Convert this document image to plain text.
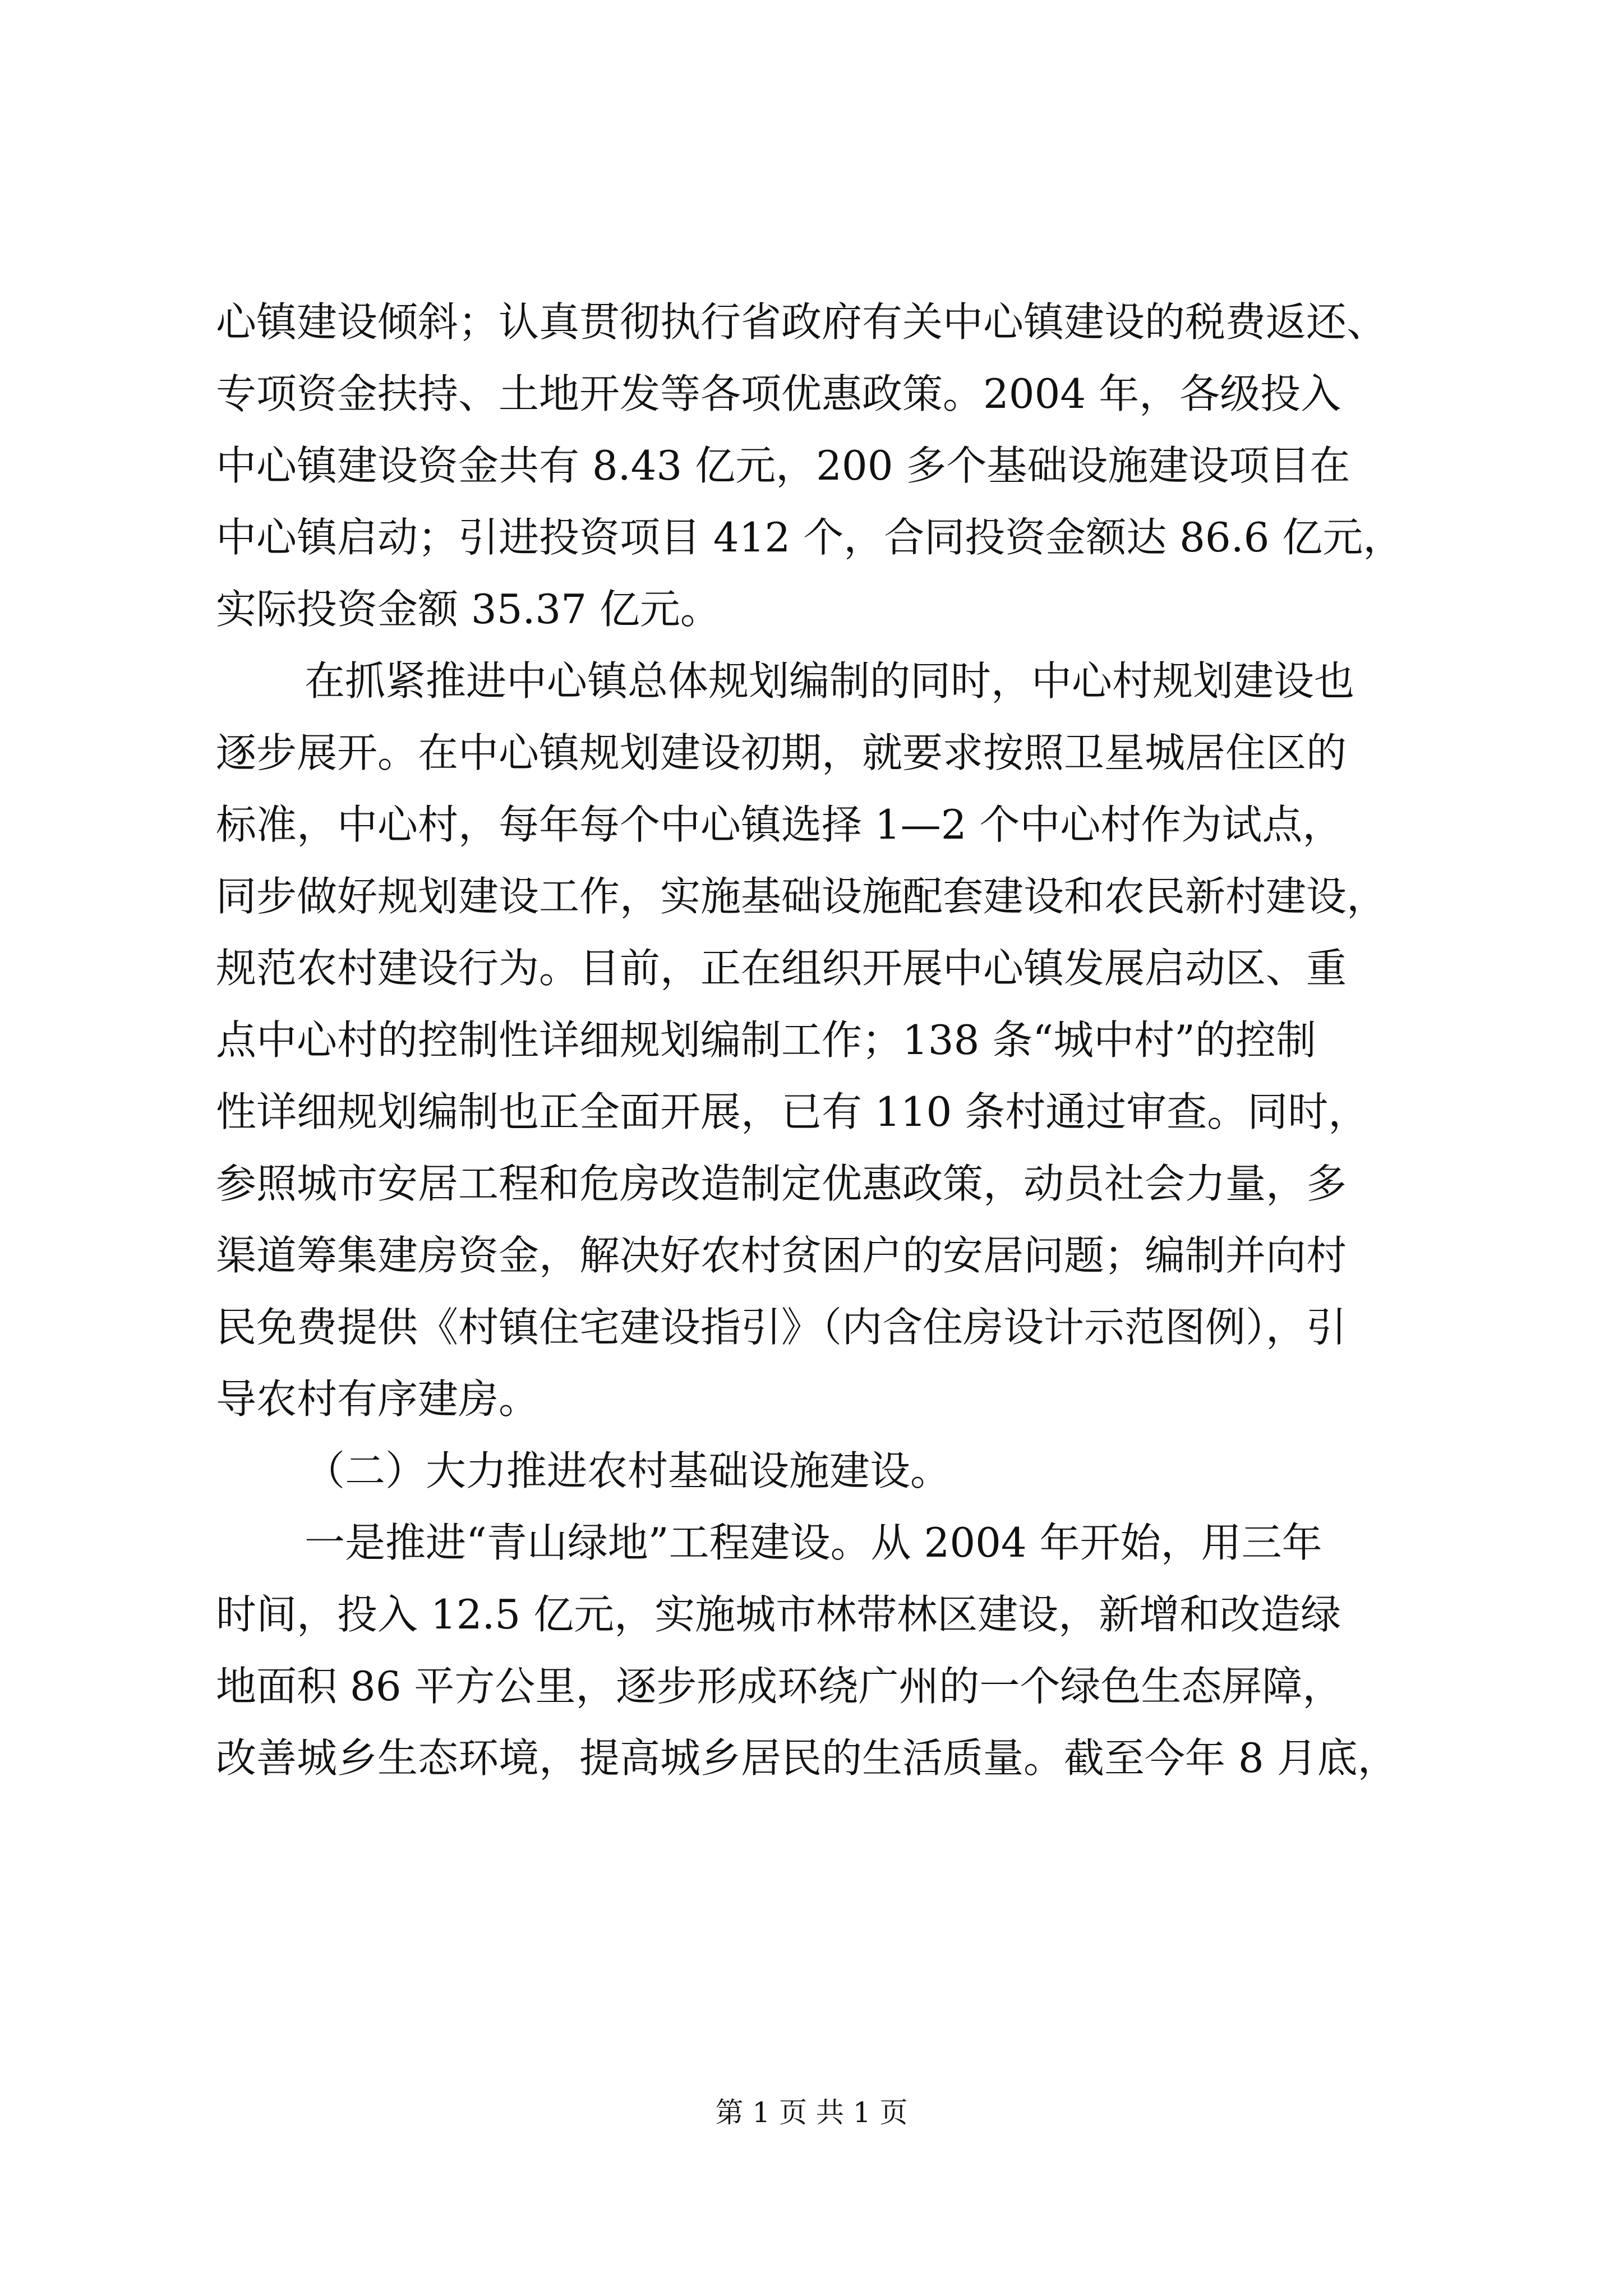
心镇建设倾斜；认真贯彻执行省政府有关中心镇建设的税费返还、
专项资金扶持、土地开发等各项优惠政策。2004 年，各级投入
中心镇建设资金共有 8.43 亿元，200 多个基础设施建设项目在
中心镇启动；引进投资项目 412 个，合同投资金额达 86.6 亿元，
实际投资金额 35.37 亿元。
在抓紧推进中心镇总体规划编制的同时，中心村规划建设也
逐步展开。在中心镇规划建设初期，就要求按照卫星城居住区的
标准，中心村，每年每个中心镇选择 1—2 个中心村作为试点，
同步做好规划建设工作，实施基础设施配套建设和农民新村建设，
规范农村建设行为。目前，正在组织开展中心镇发展启动区、重
点中心村的控制性详细规划编制工作；138 条“城中村”的控制
性详细规划编制也正全面开展，已有 110 条村通过审查。同时，
参照城市安居工程和危房改造制定优惠政策，动员社会力量，多
渠道筹集建房资金，解决好农村贫困户的安居问题；编制并向村
民免费提供《村镇住宅建设指引》（内含住房设计示范图例），引
导农村有序建房。
（二）大力推进农村基础设施建设。
一是推进“青山绿地”工程建设。从 2004 年开始，用三年
时间，投入 12.5 亿元，实施城市林带林区建设，新增和改造绿
地面积 86 平方公里，逐步形成环绕广州的一个绿色生态屏障，
改善城乡生态环境，提高城乡居民的生活质量。截至今年 8 月底，
第 1 页 共 1 页
